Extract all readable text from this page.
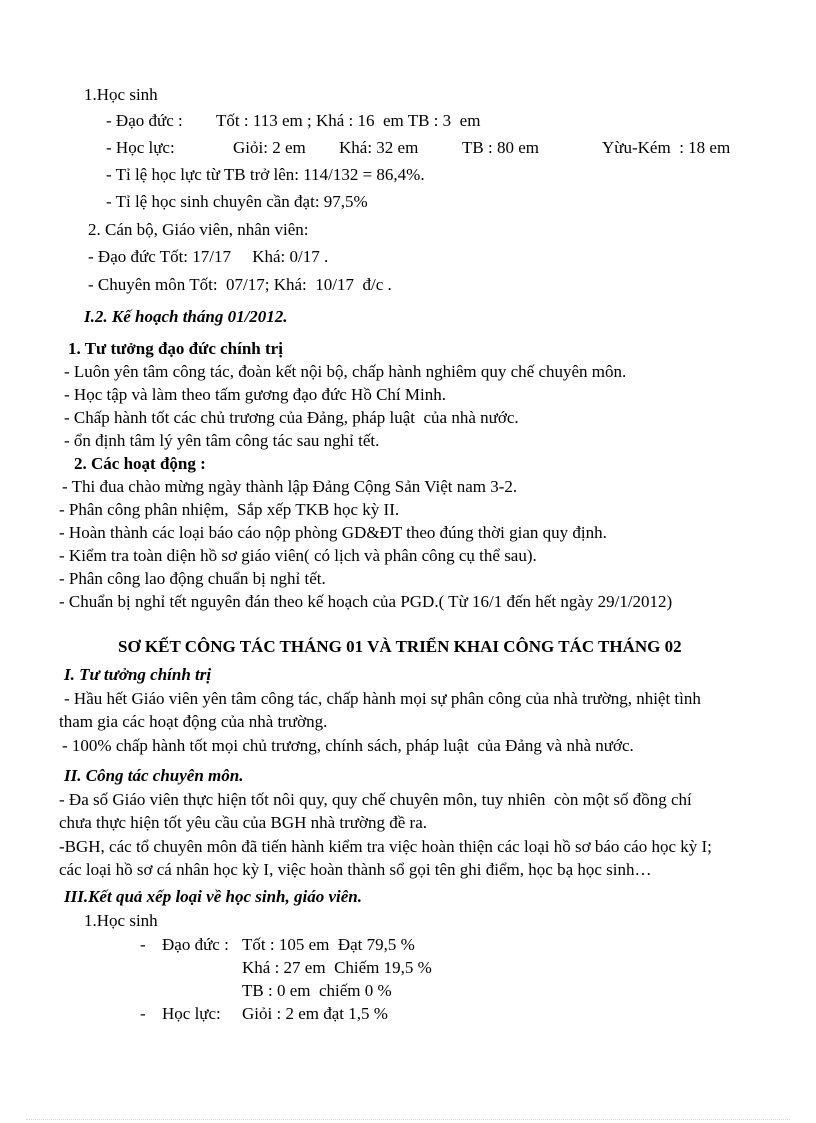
1.Học sinh
- Đạo đức : Tốt : 113 em ; Khá : 16  em TB : 3  em
- Học lực:	Giỏi: 2 em Khá: 32 em	TB : 80 em	Yừu-Kém  : 18 em
- Tỉ lệ học lực từ TB trở lên: 114/132 = 86,4%.
- Tỉ lệ học sinh chuyên cần đạt: 97,5%
2. Cán bộ, Giáo viên, nhân viên:
- Đạo đức Tốt: 17/17     Khá: 0/17 .
- Chuyên môn Tốt:  07/17; Khá:  10/17  đ/c .
I.2. Kế hoạch tháng 01/2012.
1. Tư tưởng đạo đức chính trị
- Luôn yên tâm công tác, đoàn kết nội bộ, chấp hành nghiêm quy chế chuyên môn.
- Học tập và làm theo tấm gương đạo đức Hồ Chí Minh.
- Chấp hành tốt các chủ trương của Đảng, pháp luật  của nhà nước.
- ổn định tâm lý yên tâm công tác sau nghỉ tết.
2. Các hoạt động :
- Thi đua chào mừng ngày thành lập Đảng Cộng Sản Việt nam 3-2.
- Phân công phân nhiệm,  Sắp xếp TKB học kỳ II.
- Hoàn thành các loại báo cáo nộp phòng GD&ĐT theo đúng thời gian quy định.
- Kiểm tra toàn diện hồ sơ giáo viên( có lịch và phân công cụ thể sau).
- Phân công lao động chuẩn bị nghỉ tết.
- Chuẩn bị nghỉ tết nguyên đán theo kế hoạch của PGD.( Từ 16/1 đến hết ngày 29/1/2012)
SƠ KẾT CÔNG TÁC THÁNG 01 VÀ TRIỂN KHAI CÔNG TÁC THÁNG 02
I. Tư tưởng chính trị
- Hầu hết Giáo viên yên tâm công tác, chấp hành mọi sự phân công của nhà trường, nhiệt tình
tham gia các hoạt động của nhà trường.
- 100% chấp hành tốt mọi chủ trương, chính sách, pháp luật  của Đảng và nhà nước.
II. Công tác chuyên môn.
- Đa số Giáo viên thực hiện tốt nôi quy, quy chế chuyên môn, tuy nhiên  còn một số đồng chí
chưa thực hiện tốt yêu cầu của BGH nhà trường đề ra.
-BGH, các tổ chuyên môn đã tiến hành kiểm tra việc hoàn thiện các loại hồ sơ báo cáo học kỳ I;
các loại hồ sơ cá nhân học kỳ I, việc hoàn thành sổ gọi tên ghi điểm, học bạ học sinh…
III.Kết quả xếp loại về học sinh, giáo viên.
1.Học sinh
- Đạo đức : Tốt : 105 em  Đạt 79,5 %
Khá : 27 em  Chiếm 19,5 %
TB : 0 em  chiếm 0 %
- Học lực: Giỏi : 2 em đạt 1,5 %
